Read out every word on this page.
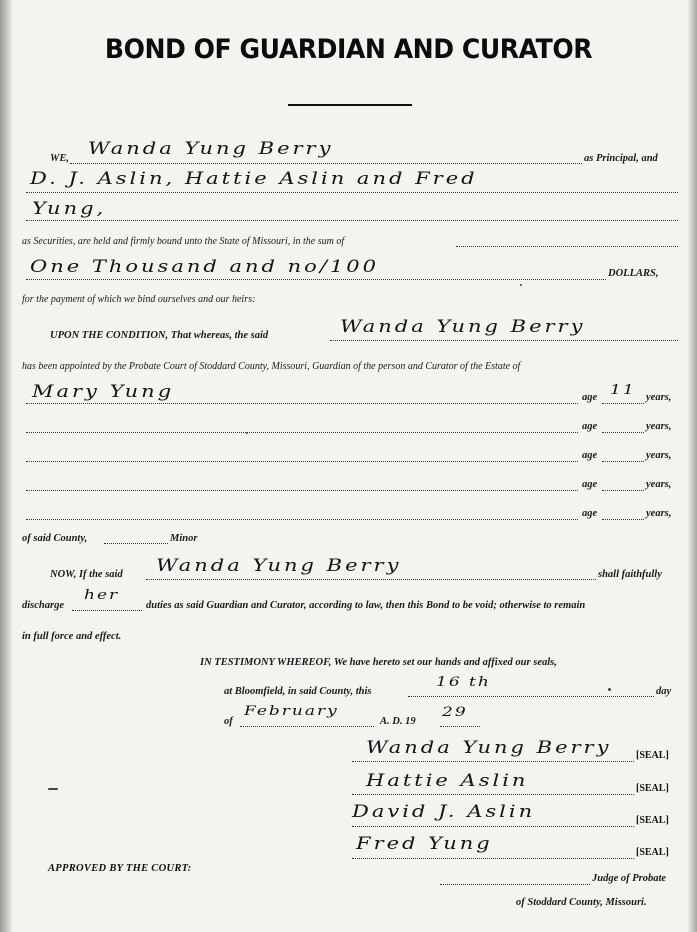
BOND OF GUARDIAN AND CURATOR
WE,
Wanda Yung Berry
as Principal, and
D. J. Aslin, Hattie Aslin and Fred
Yung,
as Securities, are held and firmly bound unto the State of Missouri, in the sum of
One Thousand and no/100	DOLLARS,
for the payment of which we bind ourselves and our heirs:
UPON THE CONDITION, That whereas, the said	Wanda Yung Berry
has been appointed by the Probate Court of Stoddard County, Missouri, Guardian of the person and Curator of the Estate of
Mary Yung	age 11 years,
age	years,
age	years,
age	years,
age	years,
of said County,	Minor
NOW, If the said Wanda Yung Berry	shall faithfully
discharge
her
duties as said Guardian and Curator, according to law, then this Bond to be void; otherwise to remain
in full force and effect.
IN TESTIMONY WHEREOF, We have hereto set our hands and affixed our seals,
at Bloomfield, in said County, this
16 th
day
of
February
A. D. 19
29
Wanda Yung Berry [SEAL]
Hattie Aslin	[SEAL]
David J. Aslin	[SEAL]
Fred Yung	[SEAL]
APPROVED BY THE COURT:
Judge of Probate
of Stoddard County, Missouri.
